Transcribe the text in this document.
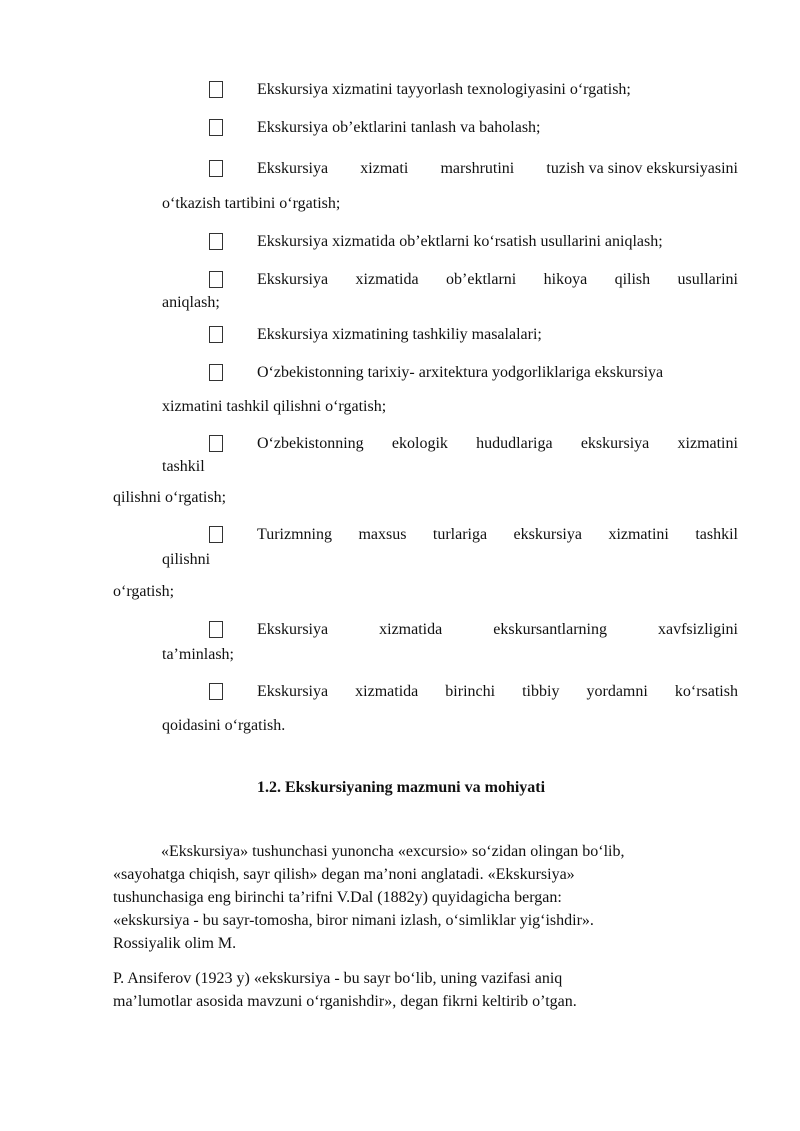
Ekskursiya xizmatini tayyorlash texnologiyasini o‘rgatish;
Ekskursiya ob’ektlarini tanlash va baholash;
Ekskursiya xizmati marshrutini tuzish va sinov ekskursiyasini
o‘tkazish tartibini o‘rgatish;
Ekskursiya xizmatida ob’ektlarni ko‘rsatish usullarini aniqlash;
Ekskursiya xizmatida ob’ektlarni hikoya qilish usullarini
aniqlash;
Ekskursiya xizmatining tashkiliy masalalari;
O‘zbekistonning tarixiy- arxitektura yodgorliklariga ekskursiya
xizmatini tashkil qilishni o‘rgatish;
O‘zbekistonning ekologik hududlariga ekskursiya xizmatini
tashkil
qilishni o‘rgatish;
Turizmning maxsus turlariga ekskursiya xizmatini tashkil
qilishni
o‘rgatish;
Ekskursiya	xizmatida	ekskursantlarning	xavfsizligini
ta’minlash;
Ekskursiya xizmatida birinchi tibbiy yordamni ko‘rsatish
qoidasini o‘rgatish.
1.2. Ekskursiyaning mazmuni va mohiyati
«Ekskursiya» tushunchasi yunoncha «excursio» so‘zidan olingan bo‘lib,
«sayohatga chiqish, sayr qilish» degan ma’noni anglatadi. «Ekskursiya»
tushunchasiga eng birinchi ta’rifni V.Dal (1882y) quyidagicha bergan:
«ekskursiya - bu sayr-tomosha, biror nimani izlash, o‘simliklar yig‘ishdir».
Rossiyalik olim M.
P. Ansiferov (1923 y) «ekskursiya - bu sayr bo‘lib, uning vazifasi aniq
ma’lumotlar asosida mavzuni o‘rganishdir», degan fikrni keltirib o’tgan.
